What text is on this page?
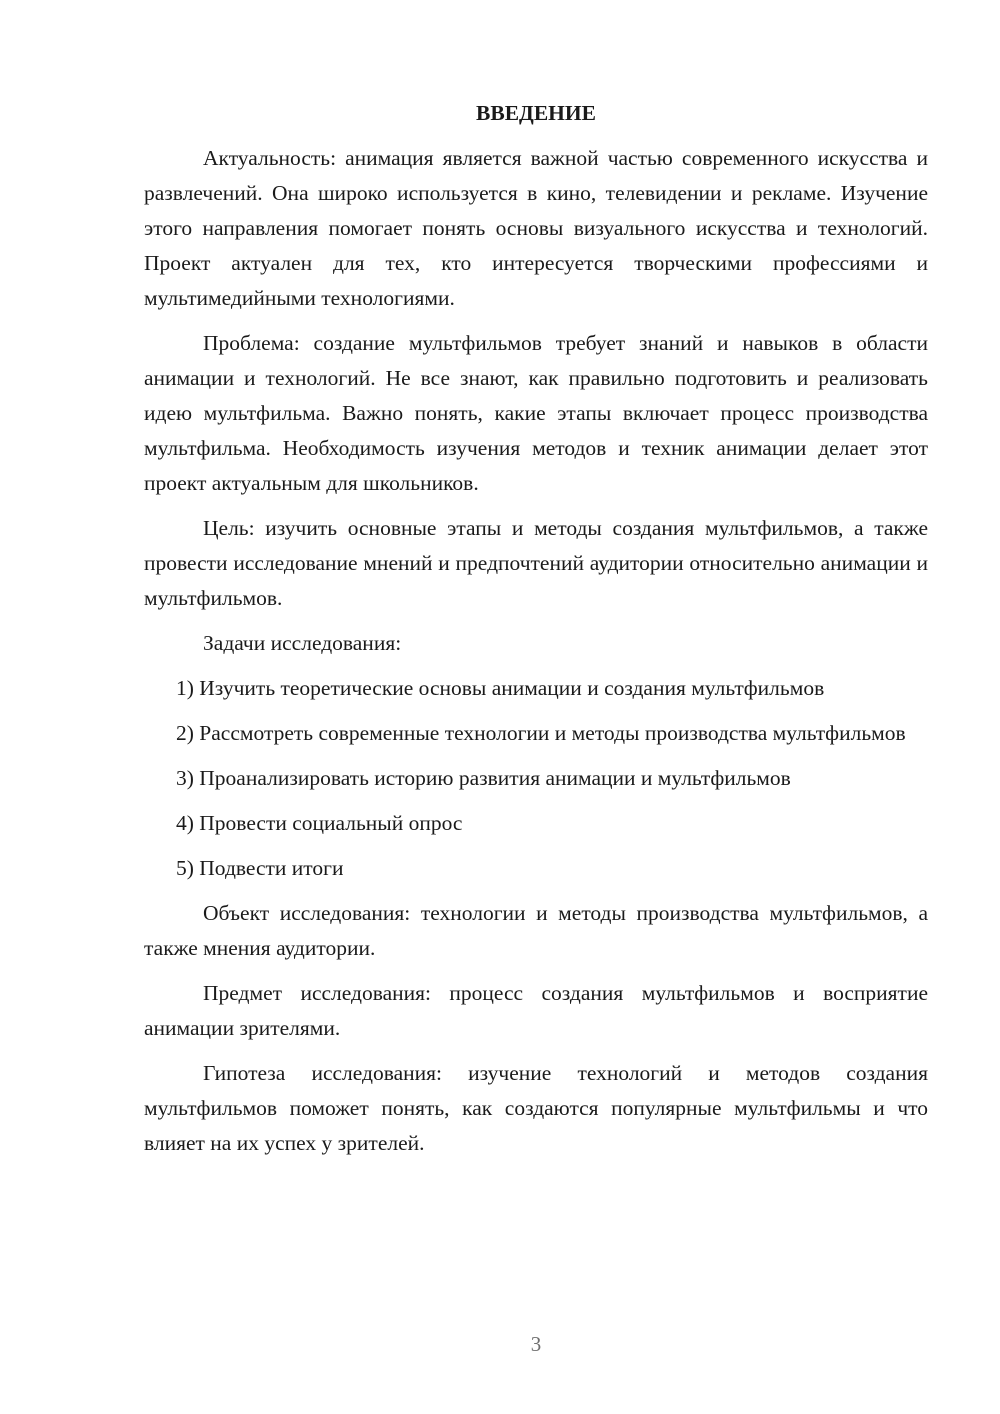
ВВЕДЕНИЕ

Актуальность: анимация является важной частью современного искусства и развлечений. Она широко используется в кино, телевидении и рекламе. Изучение этого направления помогает понять основы визуального искусства и технологий. Проект актуален для тех, кто интересуется творческими профессиями и мультимедийными технологиями.

Проблема: создание мультфильмов требует знаний и навыков в области анимации и технологий. Не все знают, как правильно подготовить и реализовать идею мультфильма. Важно понять, какие этапы включает процесс производства мультфильма. Необходимость изучения методов и техник анимации делает этот проект актуальным для школьников.

Цель: изучить основные этапы и методы создания мультфильмов, а также провести исследование мнений и предпочтений аудитории относительно анимации и мультфильмов.

Задачи исследования:

1) Изучить теоретические основы анимации и создания мультфильмов

2) Рассмотреть современные технологии и методы производства мультфильмов

3) Проанализировать историю развития анимации и мультфильмов

4) Провести социальный опрос

5) Подвести итоги

Объект исследования: технологии и методы производства мультфильмов, а также мнения аудитории.

Предмет исследования: процесс создания мультфильмов и восприятие анимации зрителями.

Гипотеза исследования: изучение технологий и методов создания мультфильмов поможет понять, как создаются популярные мультфильмы и что влияет на их успех у зрителей.

3
